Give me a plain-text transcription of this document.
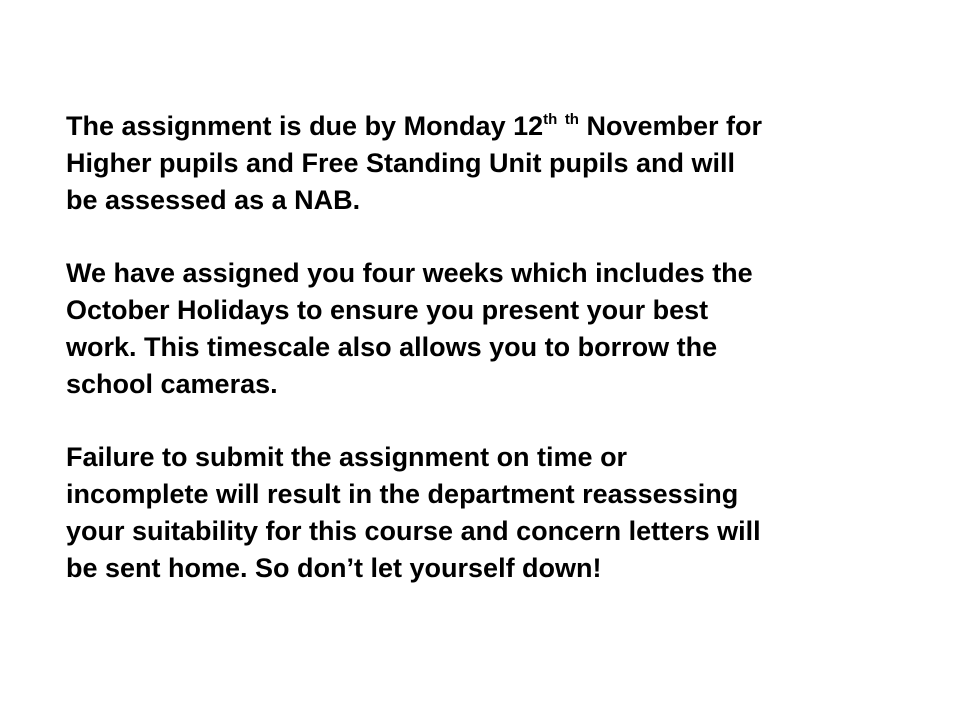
The assignment is due by Monday 12th $^{th}$ November for
Higher pupils and Free Standing Unit pupils and will
be assessed as a NAB.

We have assigned you four weeks which includes the
October Holidays to ensure you present your best
work. This timescale also allows you to borrow the
school cameras.

Failure to submit the assignment on time or
incomplete will result in the department reassessing
your suitability for this course and concern letters will
be sent home. So don’t let yourself down!
